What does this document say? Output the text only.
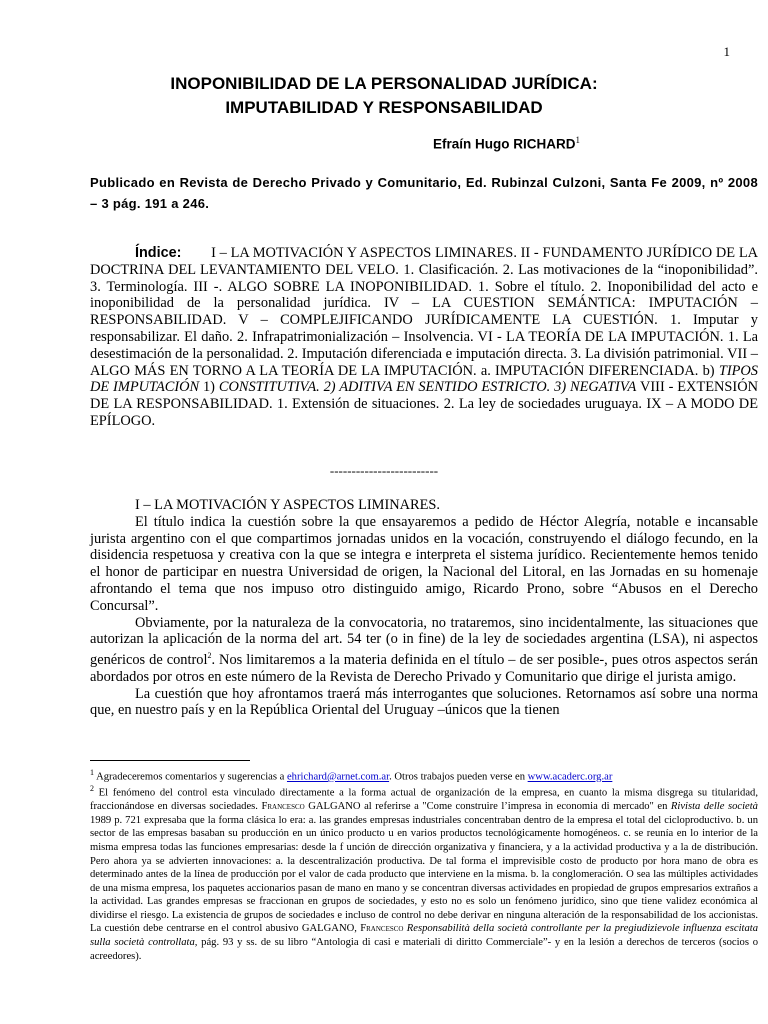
1
INOPONIBILIDAD DE LA PERSONALIDAD JURÍDICA:
IMPUTABILIDAD Y RESPONSABILIDAD
Efraín Hugo RICHARD$^1$
Publicado en Revista de Derecho Privado y Comunitario, Ed. Rubinzal Culzoni, Santa Fe 2009, nº 2008 – 3 pág. 191 a 246.
Índice: I – LA MOTIVACIÓN Y ASPECTOS LIMINARES. II - FUNDAMENTO JURÍDICO DE LA DOCTRINA DEL LEVANTAMIENTO DEL VELO. 1. Clasificación. 2. Las motivaciones de la “inoponibilidad”. 3. Terminología. III -. ALGO SOBRE LA INOPONIBILIDAD. 1. Sobre el título. 2. Inoponibilidad del acto e inoponibilidad de la personalidad jurídica. IV – LA CUESTION SEMÁNTICA: IMPUTACIÓN – RESPONSABILIDAD. V – COMPLEJIFICANDO JURÍDICAMENTE LA CUESTIÓN. 1. Imputar y responsabilizar. El daño. 2. Infrapatrimonialización – Insolvencia. VI - LA TEORÍA DE LA IMPUTACIÓN. 1. La desestimación de la personalidad. 2. Imputación diferenciada e imputación directa. 3. La división patrimonial. VII –ALGO MÁS EN TORNO A LA TEORÍA DE LA IMPUTACIÓN. a. IMPUTACIÓN DIFERENCIADA. b) TIPOS DE IMPUTACIÓN 1) CONSTITUTIVA. 2) ADITIVA EN SENTIDO ESTRICTO. 3) NEGATIVA VIII - EXTENSIÓN DE LA RESPONSABILIDAD. 1. Extensión de situaciones. 2. La ley de sociedades uruguaya. IX – A MODO DE EPÍLOGO.
-------------------------

I – LA MOTIVACIÓN Y ASPECTOS LIMINARES.

El título indica la cuestión sobre la que ensayaremos a pedido de Héctor Alegría, notable e incansable jurista argentino con el que compartimos jornadas unidos en la vocación, construyendo el diálogo fecundo, en la disidencia respetuosa y creativa con la que se integra e interpreta el sistema jurídico. Recientemente hemos tenido el honor de participar en nuestra Universidad de origen, la Nacional del Litoral, en las Jornadas en su homenaje afrontando el tema que nos impuso otro distinguido amigo, Ricardo Prono, sobre “Abusos en el Derecho Concursal”.

Obviamente, por la naturaleza de la convocatoria, no trataremos, sino incidentalmente, las situaciones que autorizan la aplicación de la norma del art. 54 ter (o in fine) de la ley de sociedades argentina (LSA), ni aspectos genéricos de control$^2$. Nos limitaremos a la materia definida en el título – de ser posible-, pues otros aspectos serán abordados por otros en este número de la Revista de Derecho Privado y Comunitario que dirige el jurista amigo.

La cuestión que hoy afrontamos traerá más interrogantes que soluciones. Retornamos así sobre una norma que, en nuestro país y en la República Oriental del Uruguay –únicos que la tienen

$^1$ Agradeceremos comentarios y sugerencias a ehrichard@arnet.com.ar. Otros trabajos pueden verse en www.acaderc.org.ar
$^2$ El fenómeno del control esta vinculado directamente a la forma actual de organización de la empresa, en cuanto la misma disgrega su titularidad, fraccionándose en diversas sociedades. Francesco GALGANO al referirse a "Come construire l’impresa in economia di mercado" en Rivista delle società 1989 p. 721 expresaba que la forma clásica lo era: a. las grandes empresas industriales concentraban dentro de la empresa el total del cicloproductivo. b. un sector de las empresas basaban su producción en un único producto u en varios productos tecnológicamente homogéneos. c. se reunía en lo interior de la misma empresa todas las funciones empresarias: desde la f unción de dirección organizativa y financiera, y a la actividad productiva y a la de distribución. Pero ahora ya se advierten innovaciones: a. la descentralización productiva. De tal forma el imprevisible costo de producto por hora mano de obra es determinado antes de la línea de producción por el valor de cada producto que interviene en la misma. b. la conglomeración. O sea las múltiples actividades de una misma empresa, los paquetes accionarios pasan de mano en mano y se concentran diversas actividades en propiedad de grupos empresarios extraños a la actividad. Las grandes empresas se fraccionan en grupos de sociedades, y esto no es solo un fenómeno jurídico, sino que tiene validez económica al dividirse el riesgo. La existencia de grupos de sociedades e incluso de control no debe derivar en ninguna alteración de la responsabilidad de los accionistas. La cuestión debe centrarse en el control abusivo GALGANO, Francesco Responsabilità della società controllante per la pregiudizievole influenza escitata sulla società controllata, pág. 93 y ss. de su libro “Antologia di casi e materiali di diritto Commerciale”- y en la lesión a derechos de terceros (socios o acreedores).
